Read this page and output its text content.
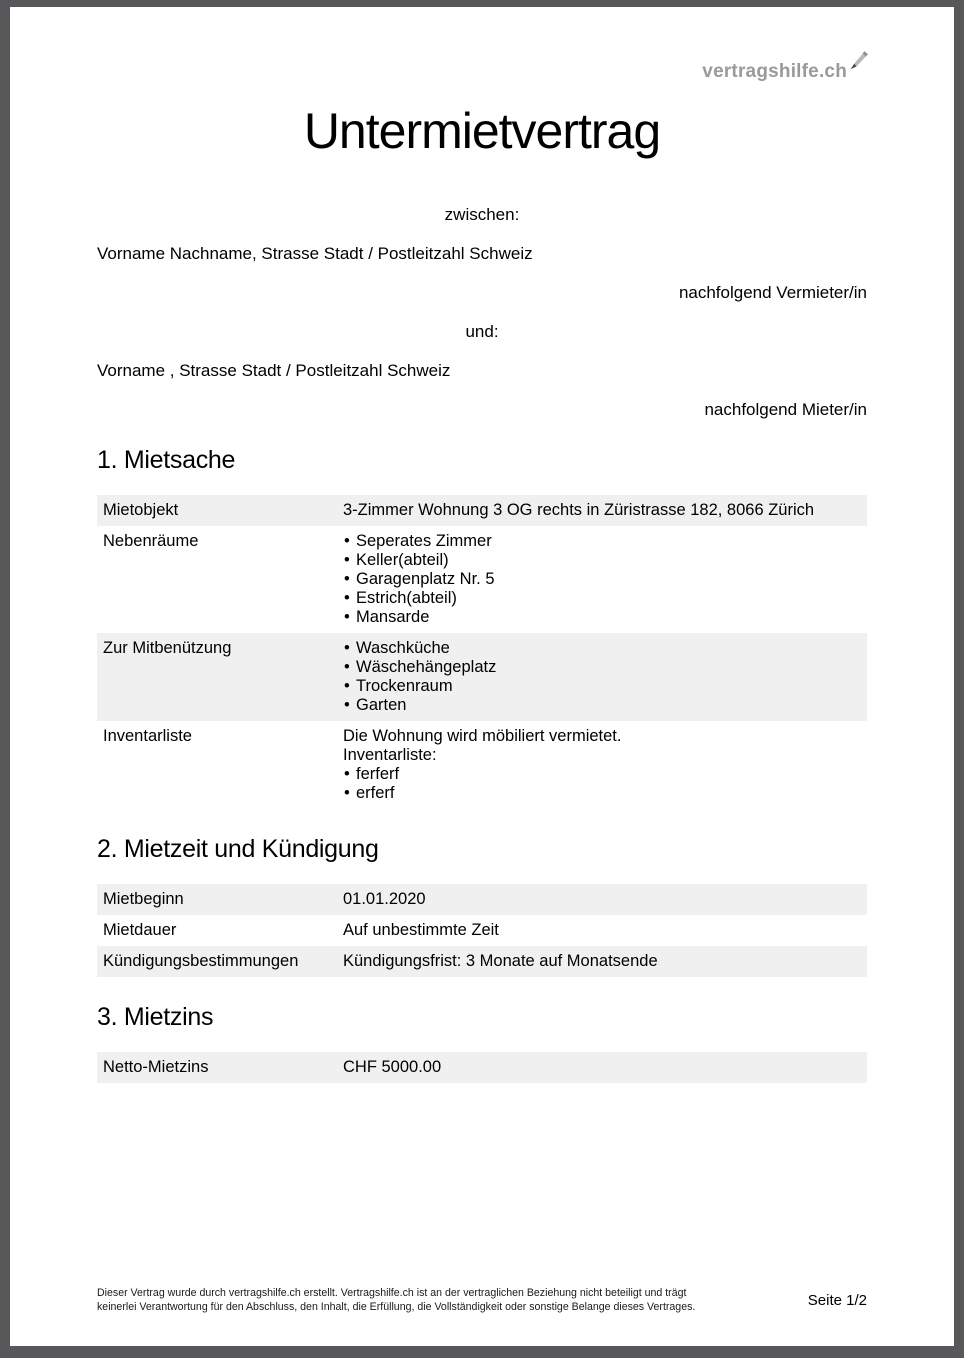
vertragshilfe.ch
Untermietvertrag

zwischen:

Vorname Nachname, Strasse Stadt / Postleitzahl Schweiz

nachfolgend Vermieter/in

und:

Vorname , Strasse Stadt / Postleitzahl Schweiz

nachfolgend Mieter/in

1. Mietsache
Mietobjekt	3-Zimmer Wohnung 3 OG rechts in Züristrasse 182, 8066 Zürich

Nebenräume	• Seperates Zimmer
• Keller(abteil)
• Garagenplatz Nr. 5
• Estrich(abteil)
• Mansarde

Zur Mitbenützung	• Waschküche
• Wäschehängeplatz
• Trockenraum
• Garten

Inventarliste	Die Wohnung wird möbiliert vermietet.
Inventarliste:
• ferferf
• erferf
2. Mietzeit und Kündigung
Mietbeginn	01.01.2020

Mietdauer	Auf unbestimmte Zeit

Kündigungsbestimmungen	Kündigungsfrist: 3 Monate auf Monatsende
3. Mietzins
Netto-Mietzins	CHF 5000.00

Dieser Vertrag wurde durch vertragshilfe.ch erstellt. Vertragshilfe.ch ist an der vertraglichen Beziehung nicht beteiligt und trägt keinerlei Verantwortung für den Abschluss, den Inhalt, die Erfüllung, die Vollständigkeit oder sonstige Belange dieses Vertrages.	Seite 1/2
